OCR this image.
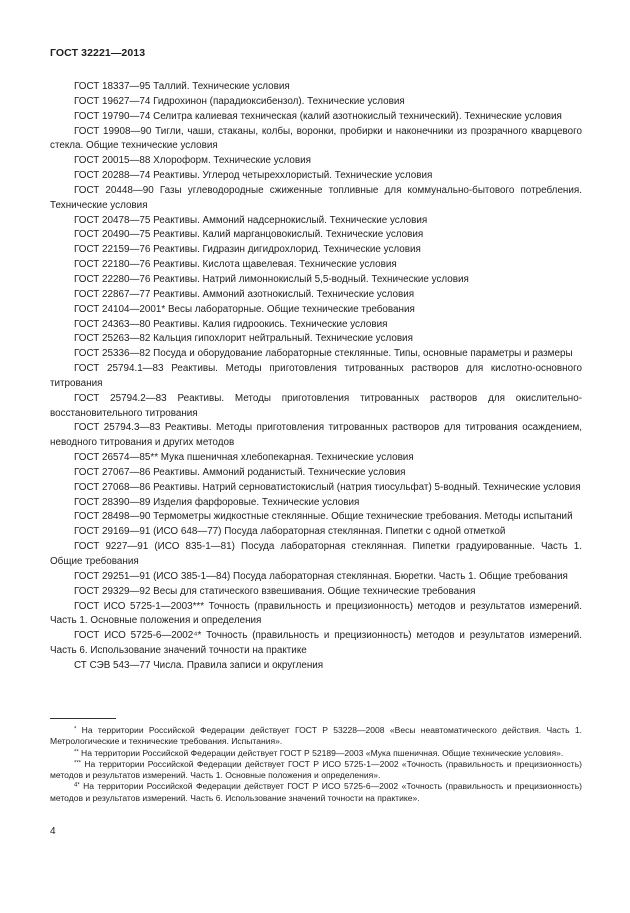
ГОСТ 32221—2013
ГОСТ 18337—95 Таллий. Технические условия
ГОСТ 19627—74 Гидрохинон (парадиоксибензол). Технические условия
ГОСТ 19790—74 Селитра калиевая техническая (калий азотнокислый технический). Технические условия
ГОСТ 19908—90 Тигли, чаши, стаканы, колбы, воронки, пробирки и наконечники из прозрачного кварцевого стекла. Общие технические условия
ГОСТ 20015—88 Хлороформ. Технические условия
ГОСТ 20288—74 Реактивы. Углерод четыреххлористый. Технические условия
ГОСТ 20448—90 Газы углеводородные сжиженные топливные для коммунально-бытового потребления. Технические условия
ГОСТ 20478—75 Реактивы. Аммоний надсернокислый. Технические условия
ГОСТ 20490—75 Реактивы. Калий марганцовокислый. Технические условия
ГОСТ 22159—76 Реактивы. Гидразин дигидрохлорид. Технические условия
ГОСТ 22180—76 Реактивы. Кислота щавелевая. Технические условия
ГОСТ 22280—76 Реактивы. Натрий лимоннокислый 5,5-водный. Технические условия
ГОСТ 22867—77 Реактивы. Аммоний азотнокислый. Технические условия
ГОСТ 24104—2001* Весы лабораторные. Общие технические требования
ГОСТ 24363—80 Реактивы. Калия гидроокись. Технические условия
ГОСТ 25263—82 Кальция гипохлорит нейтральный. Технические условия
ГОСТ 25336—82 Посуда и оборудование лабораторные стеклянные. Типы, основные параметры и размеры
ГОСТ 25794.1—83 Реактивы. Методы приготовления титрованных растворов для кислотно-основного титрования
ГОСТ 25794.2—83 Реактивы. Методы приготовления титрованных растворов для окислительно-восстановительного титрования
ГОСТ 25794.3—83 Реактивы. Методы приготовления титрованных растворов для титрования осаждением, неводного титрования и других методов
ГОСТ 26574—85** Мука пшеничная хлебопекарная. Технические условия
ГОСТ 27067—86 Реактивы. Аммоний роданистый. Технические условия
ГОСТ 27068—86 Реактивы. Натрий серноватистокислый (натрия тиосульфат) 5-водный. Технические условия
ГОСТ 28390—89 Изделия фарфоровые. Технические условия
ГОСТ 28498—90 Термометры жидкостные стеклянные. Общие технические требования. Методы испытаний
ГОСТ 29169—91 (ИСО 648—77) Посуда лабораторная стеклянная. Пипетки с одной отметкой
ГОСТ 9227—91 (ИСО 835-1—81) Посуда лабораторная стеклянная. Пипетки градуированные. Часть 1. Общие требования
ГОСТ 29251—91 (ИСО 385-1—84) Посуда лабораторная стеклянная. Бюретки. Часть 1. Общие требования
ГОСТ 29329—92 Весы для статического взвешивания. Общие технические требования
ГОСТ ИСО 5725-1—2003*** Точность (правильность и прецизионность) методов и результатов измерений. Часть 1. Основные положения и определения
ГОСТ ИСО 5725-6—2002⁴* Точность (правильность и прецизионность) методов и результатов измерений. Часть 6. Использование значений точности на практике
СТ СЭВ 543—77 Числа. Правила записи и округления
* На территории Российской Федерации действует ГОСТ Р 53228—2008 «Весы неавтоматического действия. Часть 1. Метрологические и технические требования. Испытания».
** На территории Российской Федерации действует ГОСТ Р 52189—2003 «Мука пшеничная. Общие технические условия».
*** На территории Российской Федерации действует ГОСТ Р ИСО 5725-1—2002 «Точность (правильность и прецизионность) методов и результатов измерений. Часть 1. Основные положения и определения».
$^{4*}$ На территории Российской Федерации действует ГОСТ Р ИСО 5725-6—2002 «Точность (правильность и прецизионность) методов и результатов измерений. Часть 6. Использование значений точности на практике».
4
